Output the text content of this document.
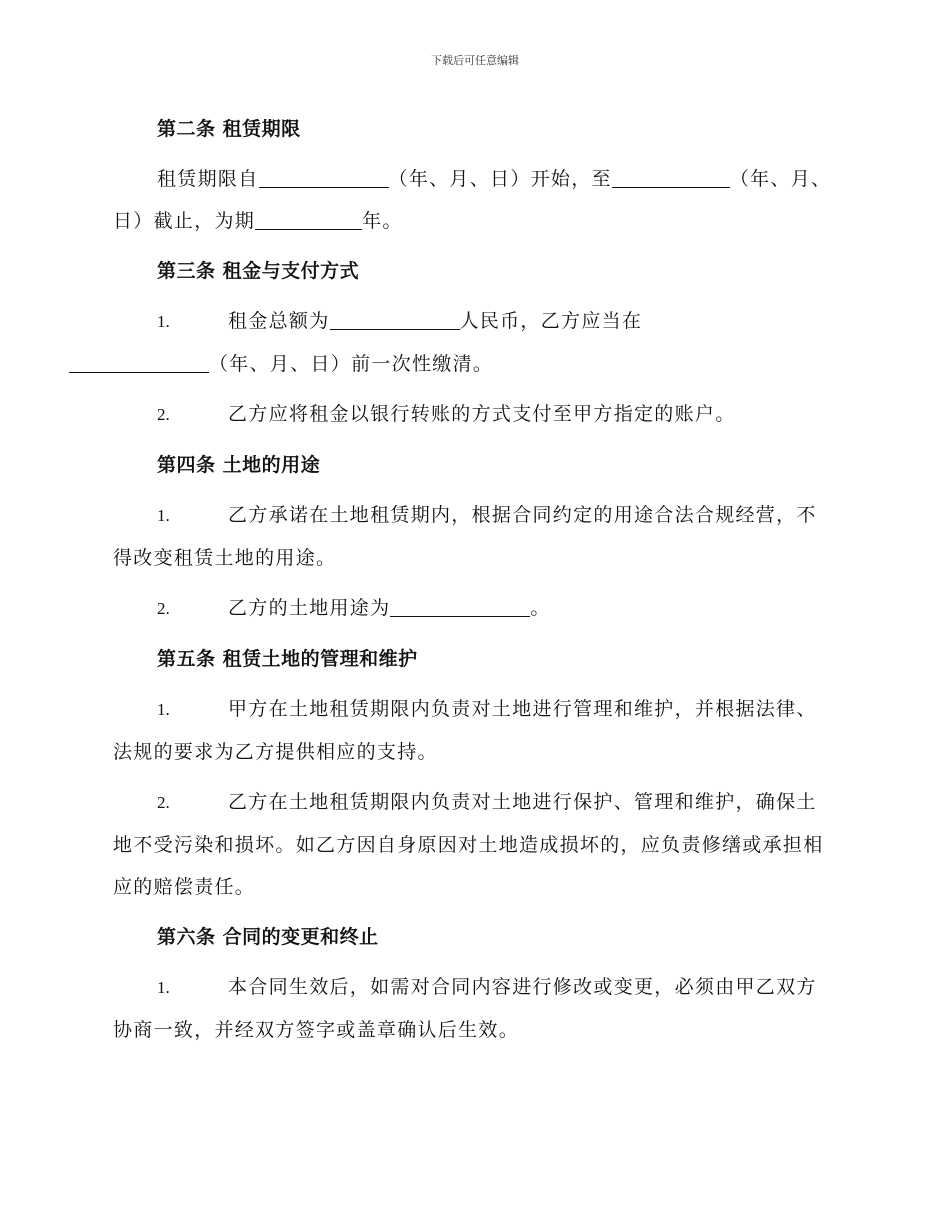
下载后可任意编辑
第二条 租赁期限
租赁期限自	（年、月、日）开始，至	（年、月、日）截止，为期	年。
第三条 租金与支付方式
1.	租金总额为	人民币，乙方应当在
（年、月、日）前一次性缴清。
2.	乙方应将租金以银行转账的方式支付至甲方指定的账户。
第四条 土地的用途
1.	乙方承诺在土地租赁期内，根据合同约定的用途合法合规经营，不得改变租赁土地的用途。
2.	乙方的土地用途为	。
第五条 租赁土地的管理和维护
1.	甲方在土地租赁期限内负责对土地进行管理和维护，并根据法律、法规的要求为乙方提供相应的支持。
2.	乙方在土地租赁期限内负责对土地进行保护、管理和维护，确保土地不受污染和损坏。如乙方因自身原因对土地造成损坏的，应负责修缮或承担相应的赔偿责任。
第六条 合同的变更和终止
1.	本合同生效后，如需对合同内容进行修改或变更，必须由甲乙双方协商一致，并经双方签字或盖章确认后生效。
